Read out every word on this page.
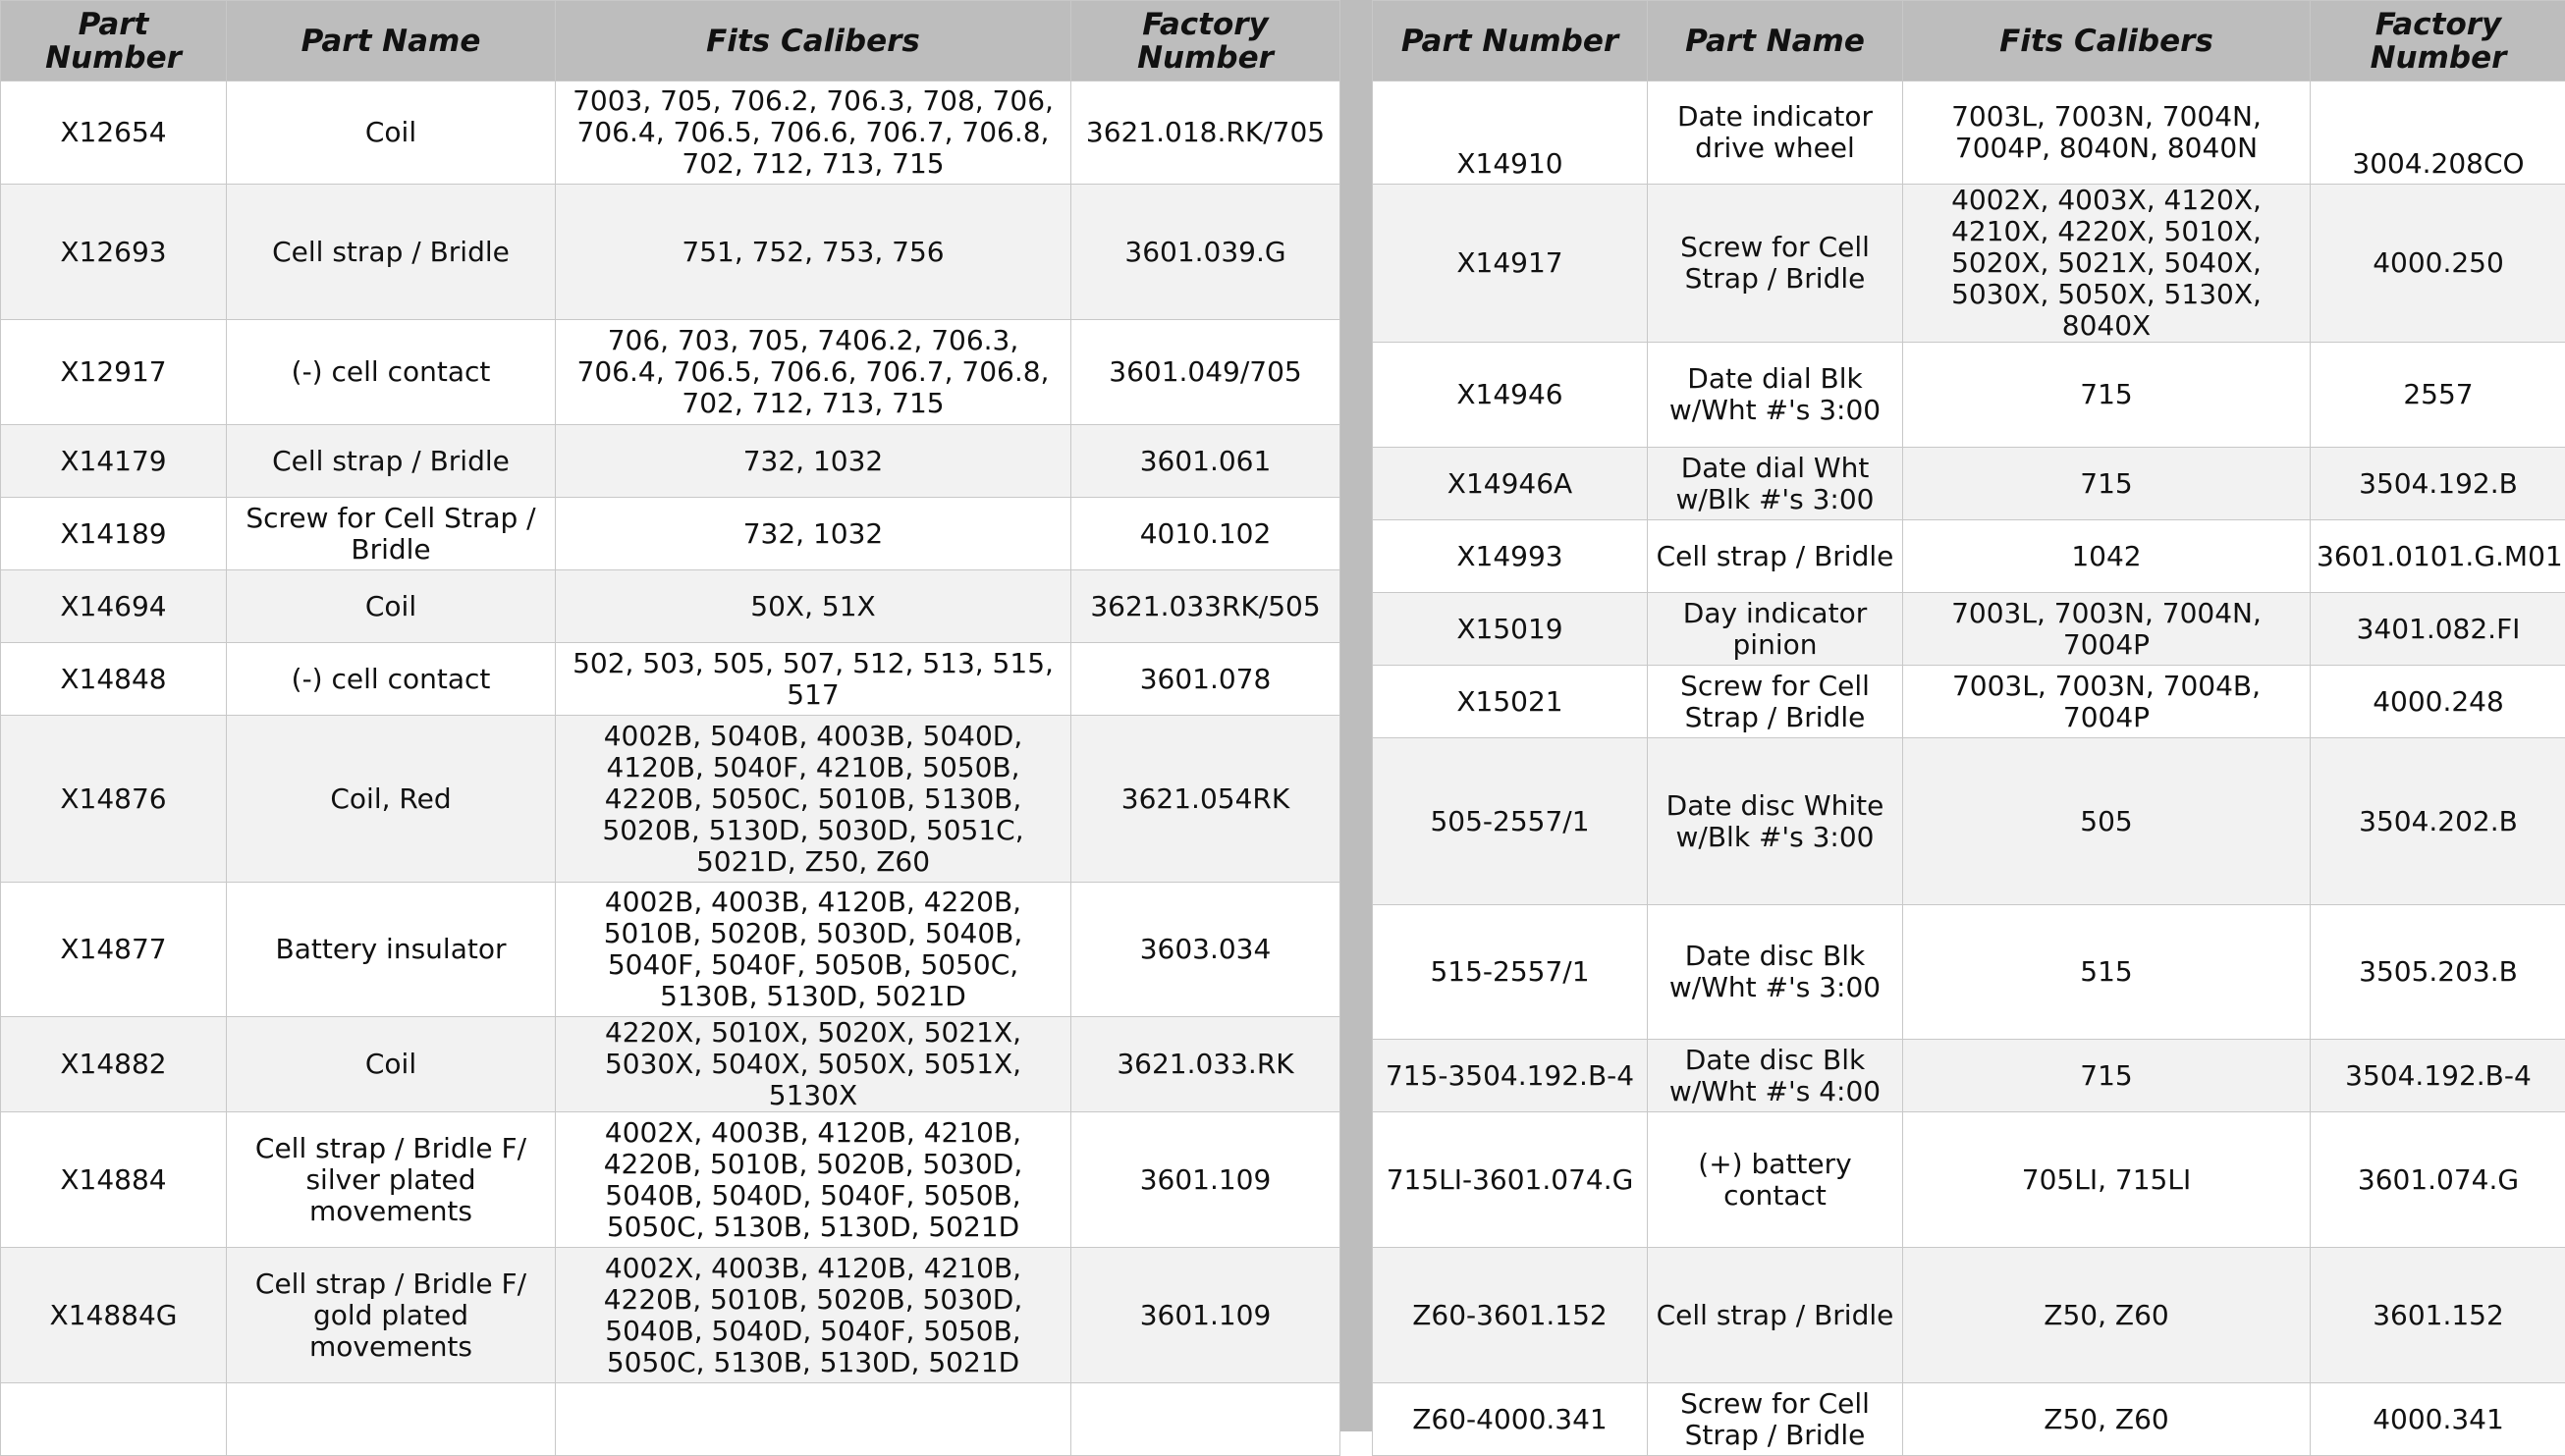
Part Number	Part Name	Fits Calibers	Factory Number
X12654	Coil	7003, 705, 706.2, 706.3, 708, 706, 706.4, 706.5, 706.6, 706.7, 706.8, 702, 712, 713, 715	3621.018.RK/705
X12693	Cell strap / Bridle	751, 752, 753, 756	3601.039.G
X12917	(-) cell contact	706, 703, 705, 7406.2, 706.3, 706.4, 706.5, 706.6, 706.7, 706.8, 702, 712, 713, 715	3601.049/705
X14179	Cell strap / Bridle	732, 1032	3601.061
X14189	Screw for Cell Strap / Bridle	732, 1032	4010.102
X14694	Coil	50X, 51X	3621.033RK/505
X14848	(-) cell contact	502, 503, 505, 507, 512, 513, 515, 517	3601.078
X14876	Coil, Red	4002B, 5040B, 4003B, 5040D, 4120B, 5040F, 4210B, 5050B, 4220B, 5050C, 5010B, 5130B, 5020B, 5130D, 5030D, 5051C, 5021D, Z50, Z60	3621.054RK
X14877	Battery insulator	4002B, 4003B, 4120B, 4220B, 5010B, 5020B, 5030D, 5040B, 5040F, 5040F, 5050B, 5050C, 5130B, 5130D, 5021D	3603.034
X14882	Coil	4220X, 5010X, 5020X, 5021X, 5030X, 5040X, 5050X, 5051X, 5130X	3621.033.RK
X14884	Cell strap / Bridle F/ silver plated movements	4002X, 4003B, 4120B, 4210B, 4220B, 5010B, 5020B, 5030D, 5040B, 5040D, 5040F, 5050B, 5050C, 5130B, 5130D, 5021D	3601.109
X14884G	Cell strap / Bridle F/ gold plated movements	4002X, 4003B, 4120B, 4210B, 4220B, 5010B, 5020B, 5030D, 5040B, 5040D, 5040F, 5050B, 5050C, 5130B, 5130D, 5021D	3601.109

Part Number	Part Name	Fits Calibers	Factory Number
X14910	Date indicator drive wheel	7003L, 7003N, 7004N, 7004P, 8040N, 8040N	3004.208CO
X14917	Screw for Cell Strap / Bridle	4002X, 4003X, 4120X, 4210X, 4220X, 5010X, 5020X, 5021X, 5040X, 5030X, 5050X, 5130X, 8040X	4000.250
X14946	Date dial Blk w/Wht #'s 3:00	715	2557
X14946A	Date dial Wht w/Blk #'s 3:00	715	3504.192.B
X14993	Cell strap / Bridle	1042	3601.0101.G.M01
X15019	Day indicator pinion	7003L, 7003N, 7004N, 7004P	3401.082.FI
X15021	Screw for Cell Strap / Bridle	7003L, 7003N, 7004B, 7004P	4000.248
505-2557/1	Date disc White w/Blk #'s 3:00	505	3504.202.B
515-2557/1	Date disc Blk w/Wht #'s 3:00	515	3505.203.B
715-3504.192.B-4	Date disc Blk w/Wht #'s 4:00	715	3504.192.B-4
715LI-3601.074.G	(+) battery contact	705LI, 715LI	3601.074.G
Z60-3601.152	Cell strap / Bridle	Z50, Z60	3601.152
Z60-4000.341	Screw for Cell Strap / Bridle	Z50, Z60	4000.341
